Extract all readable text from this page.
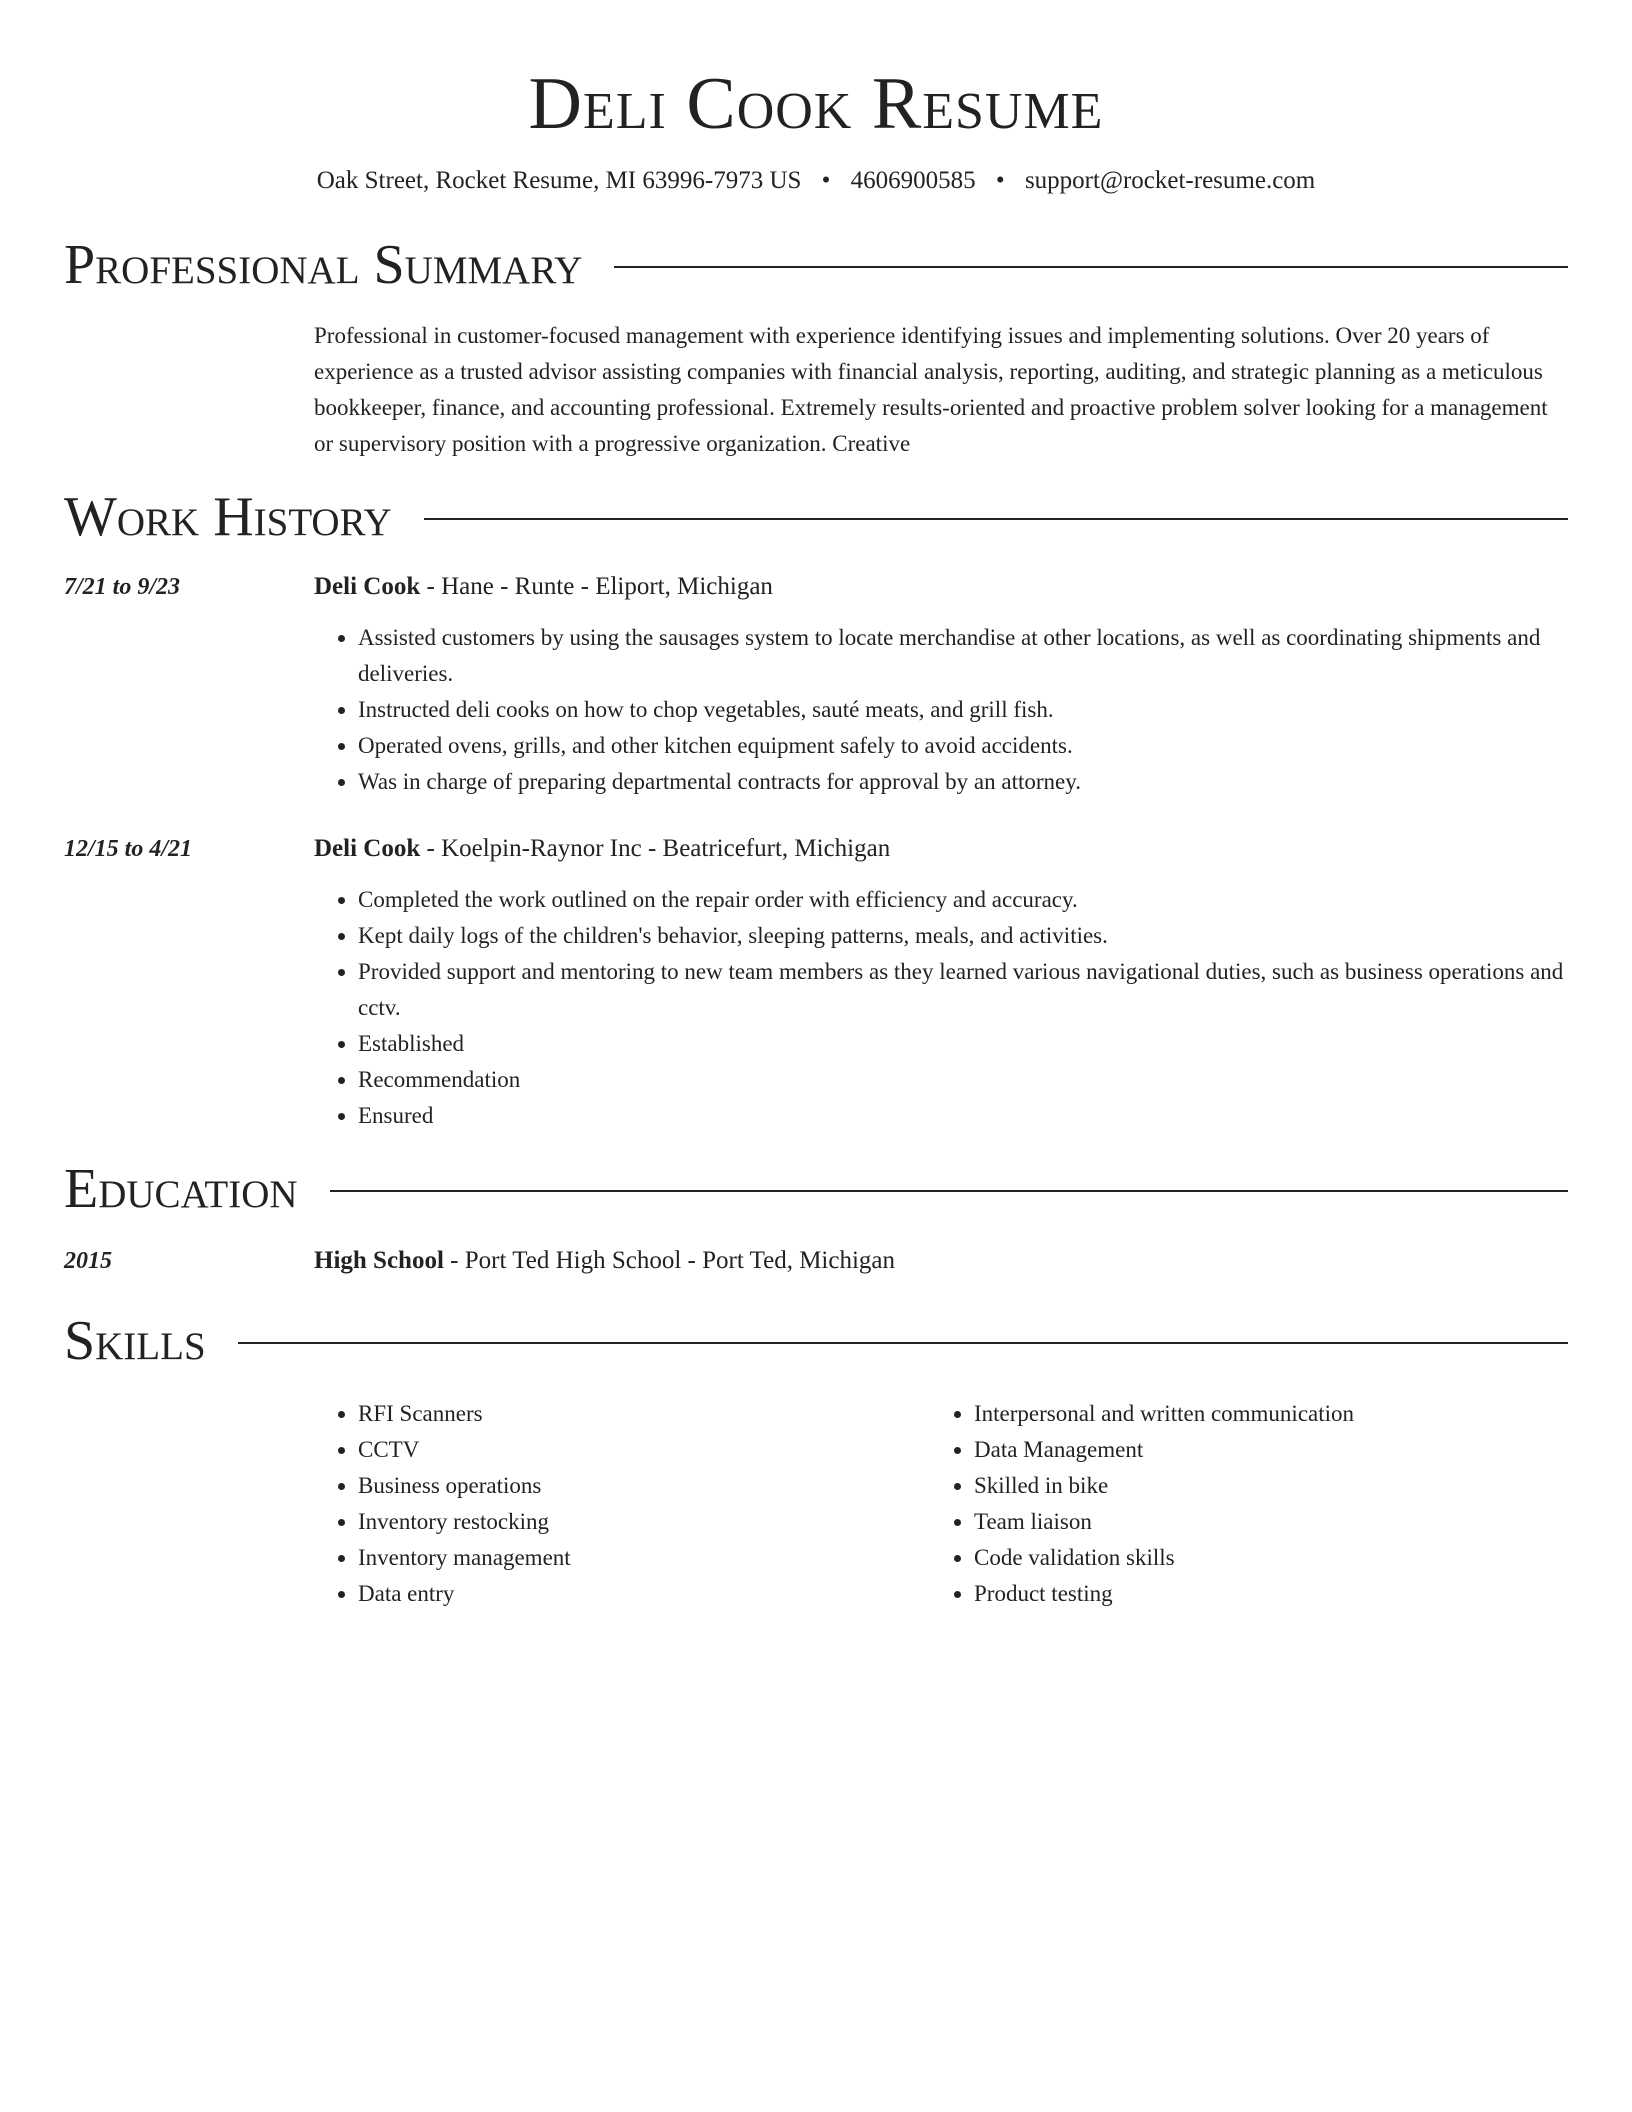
Deli Cook Resume
Oak Street, Rocket Resume, MI 63996-7973 US • 4606900585 • support@rocket-resume.com
Professional Summary
Professional in customer-focused management with experience identifying issues and implementing solutions. Over 20 years of experience as a trusted advisor assisting companies with financial analysis, reporting, auditing, and strategic planning as a meticulous bookkeeper, finance, and accounting professional. Extremely results-oriented and proactive problem solver looking for a management or supervisory position with a progressive organization. Creative
Work History
7/21 to 9/23	Deli Cook - Hane - Runte - Eliport, Michigan
• Assisted customers by using the sausages system to locate merchandise at other locations, as well as coordinating shipments and deliveries.
• Instructed deli cooks on how to chop vegetables, sauté meats, and grill fish.
• Operated ovens, grills, and other kitchen equipment safely to avoid accidents.
• Was in charge of preparing departmental contracts for approval by an attorney.
12/15 to 4/21	Deli Cook - Koelpin-Raynor Inc - Beatricefurt, Michigan
• Completed the work outlined on the repair order with efficiency and accuracy.
• Kept daily logs of the children's behavior, sleeping patterns, meals, and activities.
• Provided support and mentoring to new team members as they learned various navigational duties, such as business operations and cctv.
• Established
• Recommendation
• Ensured
Education
2015	High School - Port Ted High School - Port Ted, Michigan
Skills
• RFI Scanners
• CCTV
• Business operations
• Inventory restocking
• Inventory management
• Data entry
• Interpersonal and written communication
• Data Management
• Skilled in bike
• Team liaison
• Code validation skills
• Product testing
